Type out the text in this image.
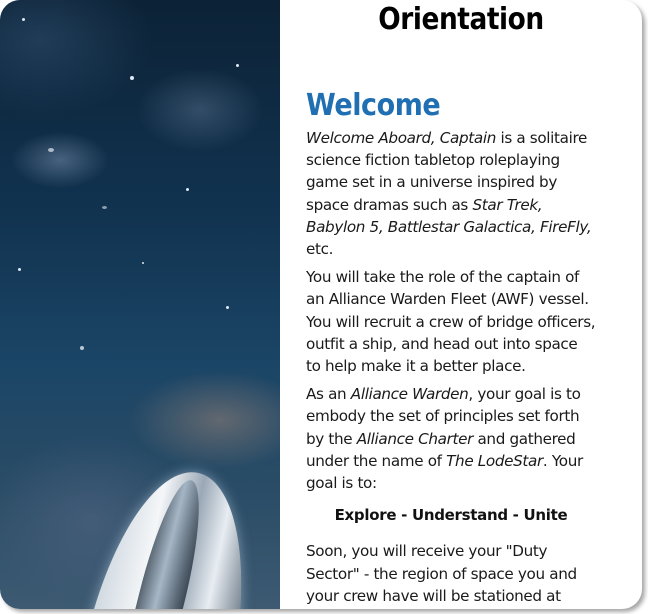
Orientation
Welcome

Welcome Aboard, Captain is a solitaire science fiction tabletop roleplaying game set in a universe inspired by space dramas such as Star Trek, Babylon 5, Battlestar Galactica, FireFly, etc.

You will take the role of the captain of an Alliance Warden Fleet (AWF) vessel. You will recruit a crew of bridge officers, outfit a ship, and head out into space to help make it a better place.

As an Alliance Warden, your goal is to embody the set of principles set forth by the Alliance Charter and gathered under the name of The LodeStar. Your goal is to:

Explore - Understand - Unite

Soon, you will receive your "Duty Sector" - the region of space you and your crew have will be stationed at
